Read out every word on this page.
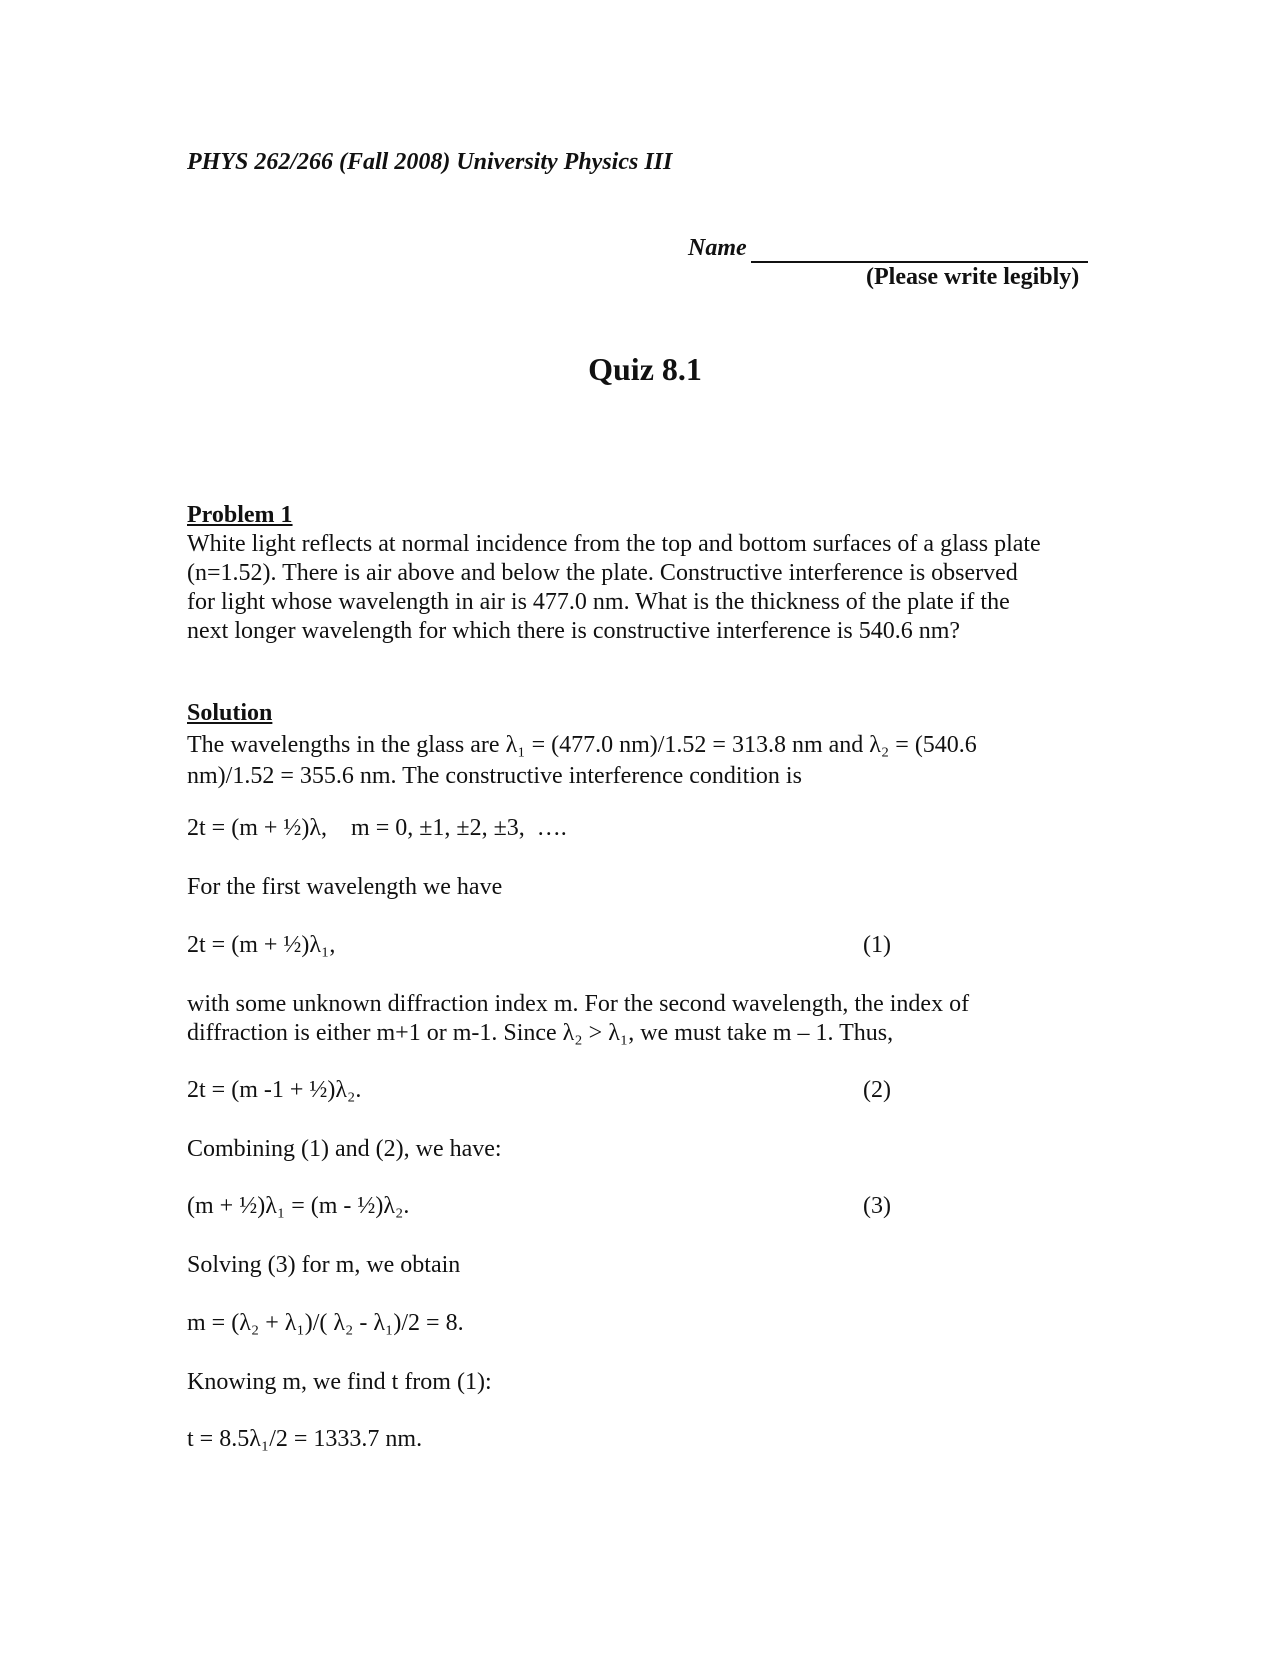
PHYS 262/266 (Fall 2008) University Physics III
Name
(Please write legibly)
Quiz 8.1
Problem 1
White light reflects at normal incidence from the top and bottom surfaces of a glass plate
(n=1.52). There is air above and below the plate. Constructive interference is observed
for light whose wavelength in air is 477.0 nm. What is the thickness of the plate if the
next longer wavelength for which there is constructive interference is 540.6 nm?
Solution
The wavelengths in the glass are λ₁ = (477.0 nm)/1.52 = 313.8 nm and λ₂ = (540.6
nm)/1.52 = 355.6 nm. The constructive interference condition is
2t = (m + ½)λ,    m = 0, ±1, ±2, ±3,  ….
For the first wavelength we have
2t = (m + ½)λ₁,	(1)
with some unknown diffraction index m. For the second wavelength, the index of
diffraction is either m+1 or m-1. Since λ₂ > λ₁, we must take m – 1. Thus,
2t = (m -1 + ½)λ₂.	(2)
Combining (1) and (2), we have:
(m + ½)λ₁ = (m - ½)λ₂.	(3)
Solving (3) for m, we obtain
m = (λ₂ + λ₁)/( λ₂ - λ₁)/2 = 8.
Knowing m, we find t from (1):
t = 8.5λ₁/2 = 1333.7 nm.
